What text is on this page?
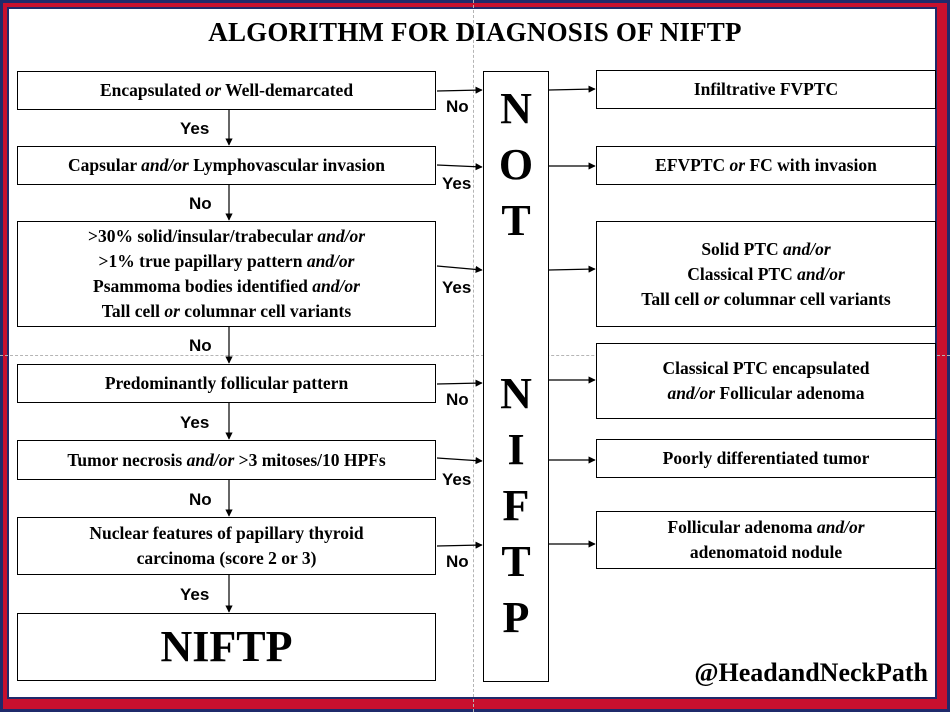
ALGORITHM FOR DIAGNOSIS OF NIFTP
Encapsulated or Well-demarcated
Capsular and/or Lymphovascular invasion
>30% solid/insular/trabecular and/or
>1% true papillary pattern and/or
Psammoma bodies identified and/or
Tall cell or columnar cell variants
Predominantly follicular pattern
Tumor necrosis and/or >3 mitoses/10 HPFs
Nuclear features of papillary thyroid
carcinoma (score 2 or 3)
NIFTP
Yes
No
No
Yes
No
Yes
No
Yes
Yes
No
Yes
No
N
O
T
N
I
F
T
P
Infiltrative FVPTC
EFVPTC or FC with invasion
Solid PTC and/or
Classical PTC and/or
Tall cell or columnar cell variants
Classical PTC encapsulated
and/or Follicular adenoma
Poorly differentiated tumor
Follicular adenoma and/or
adenomatoid nodule
@HeadandNeckPath
